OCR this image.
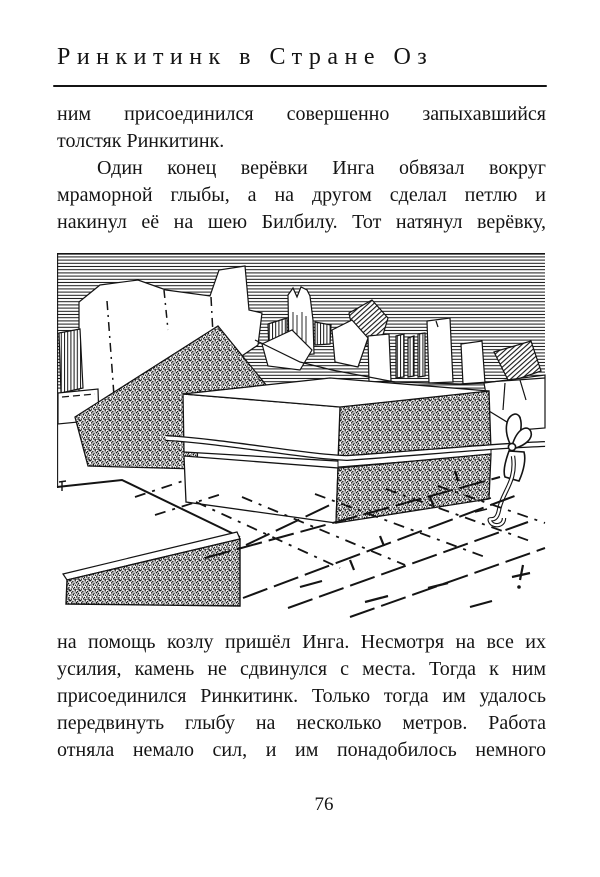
Ринкитинк в Стране Оз
ним присоединился совершенно запыхавшийся
толстяк Ринкитинк.
Один конец верёвки Инга обвязал вокруг
мраморной глыбы, а на другом сделал петлю и
накинул её на шею Билбилу. Тот натянул верёвку,
на помощь козлу пришёл Инга. Несмотря на все их
усилия, камень не сдвинулся с места. Тогда к ним
присоединился Ринкитинк. Только тогда им удалось
передвинуть глыбу на несколько метров. Работа
отняла немало сил, и им понадобилось немного
76
